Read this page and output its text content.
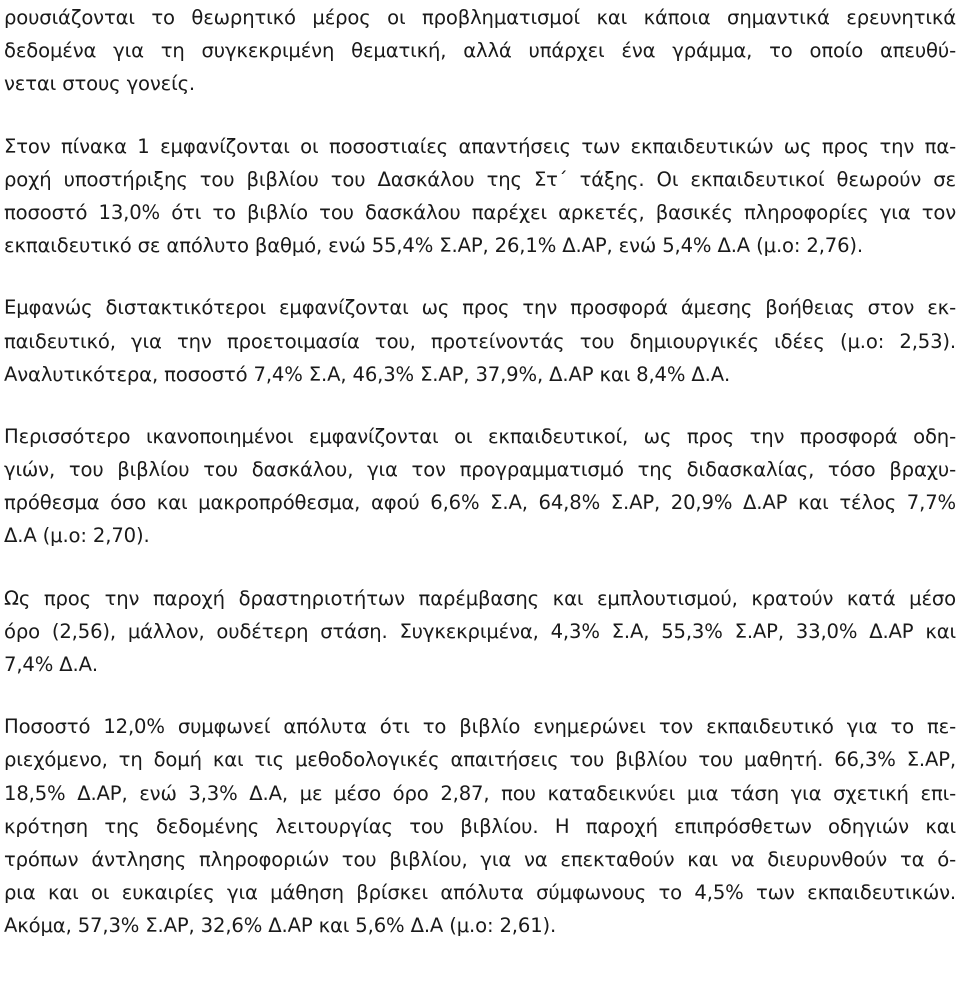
ρουσιάζονται το θεωρητικό μέρος οι προβληματισμοί και κάποια σημαντικά ερευνητικά
δεδομένα για τη συγκεκριμένη θεματική, αλλά υπάρχει ένα γράμμα, το οποίο απευθύ-
νεται στους γονείς.
Στον πίνακα 1 εμφανίζονται οι ποσοστιαίες απαντήσεις των εκπαιδευτικών ως προς την πα-
ροχή υποστήριξης του βιβλίου του Δασκάλου της Στ΄ τάξης. Οι εκπαιδευτικοί θεωρούν σε
ποσοστό 13,0% ότι το βιβλίο του δασκάλου παρέχει αρκετές, βασικές πληροφορίες για τον
εκπαιδευτικό σε απόλυτο βαθμό, ενώ 55,4% Σ.ΑΡ, 26,1% Δ.ΑΡ, ενώ 5,4% Δ.Α (μ.ο: 2,76).
Εμφανώς διστακτικότεροι εμφανίζονται ως προς την προσφορά άμεσης βοήθειας στον εκ-
παιδευτικό, για την προετοιμασία του, προτείνοντάς του δημιουργικές ιδέες (μ.ο: 2,53).
Αναλυτικότερα, ποσοστό 7,4% Σ.Α, 46,3% Σ.ΑΡ, 37,9%, Δ.ΑΡ και 8,4% Δ.Α.
Περισσότερο ικανοποιημένοι εμφανίζονται οι εκπαιδευτικοί, ως προς την προσφορά οδη-
γιών, του βιβλίου του δασκάλου, για τον προγραμματισμό της διδασκαλίας, τόσο βραχυ-
πρόθεσμα όσο και μακροπρόθεσμα, αφού 6,6% Σ.Α, 64,8% Σ.ΑΡ, 20,9% Δ.ΑΡ και τέλος 7,7%
Δ.Α (μ.ο: 2,70).
Ως προς την παροχή δραστηριοτήτων παρέμβασης και εμπλουτισμού, κρατούν κατά μέσο
όρο (2,56), μάλλον, ουδέτερη στάση. Συγκεκριμένα, 4,3% Σ.Α, 55,3% Σ.ΑΡ, 33,0% Δ.ΑΡ και
7,4% Δ.Α.
Ποσοστό 12,0% συμφωνεί απόλυτα ότι το βιβλίο ενημερώνει τον εκπαιδευτικό για το πε-
ριεχόμενο, τη δομή και τις μεθοδολογικές απαιτήσεις του βιβλίου του μαθητή. 66,3% Σ.ΑΡ,
18,5% Δ.ΑΡ, ενώ 3,3% Δ.Α, με μέσο όρο 2,87, που καταδεικνύει μια τάση για σχετική επι-
κρότηση της δεδομένης λειτουργίας του βιβλίου. Η παροχή επιπρόσθετων οδηγιών και
τρόπων άντλησης πληροφοριών του βιβλίου, για να επεκταθούν και να διευρυνθούν τα ό-
ρια και οι ευκαιρίες για μάθηση βρίσκει απόλυτα σύμφωνους το 4,5% των εκπαιδευτικών.
Ακόμα, 57,3% Σ.ΑΡ, 32,6% Δ.ΑΡ και 5,6% Δ.Α (μ.ο: 2,61).
